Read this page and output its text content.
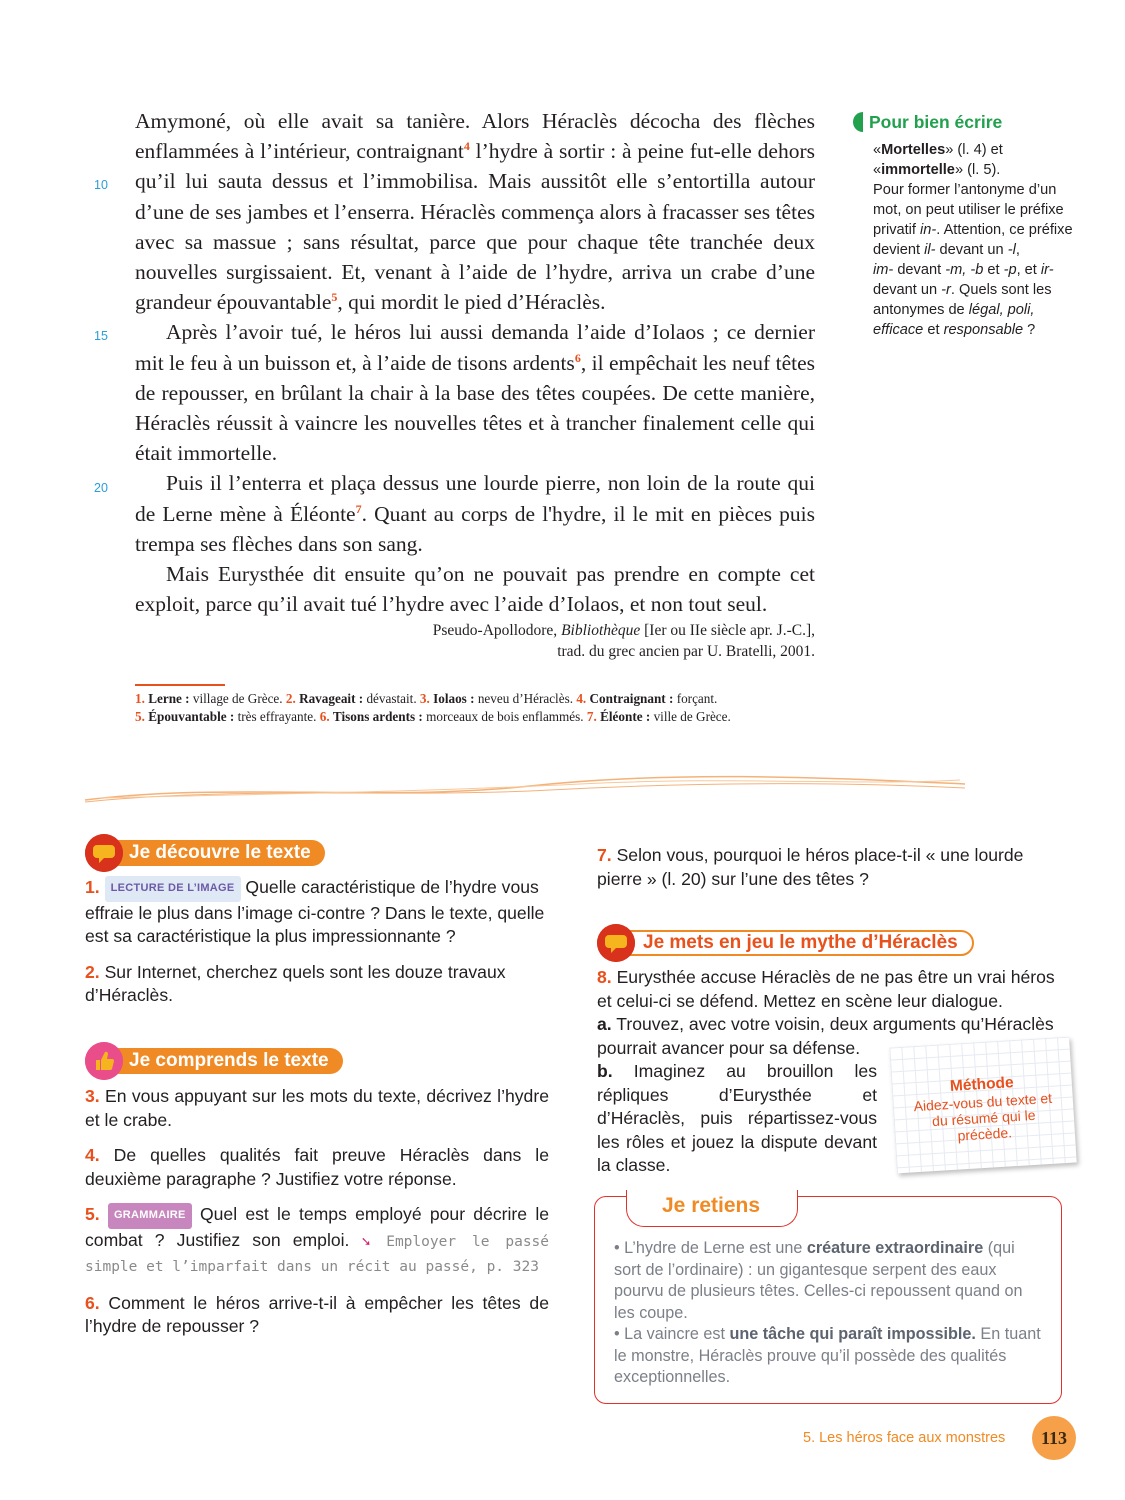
Amymoné, où elle avait sa tanière. Alors Héraclès décocha des flèches enflammées à l’intérieur, contraignant$^4$ l’hydre à sortir : à peine fut-elle dehors qu’il lui sauta dessus et l’immobilisa. Mais aussitôt elle s’entortilla autour d’une de ses jambes et l’enserra. Héraclès commença alors à fracasser ses têtes avec sa massue ; sans résultat, parce que pour chaque tête tranchée deux nouvelles surgissaient. Et, venant à l’aide de l’hydre, arriva un crabe d’une grandeur épouvantable$^5$, qui mordit le pied d’Héraclès.

Après l’avoir tué, le héros lui aussi demanda l’aide d’Iolaos ; ce dernier mit le feu à un buisson et, à l’aide de tisons ardents$^6$, il empêchait les neuf têtes de repousser, en brûlant la chair à la base des têtes coupées. De cette manière, Héraclès réussit à vaincre les nouvelles têtes et à trancher finalement celle qui était immortelle.

Puis il l’enterra et plaça dessus une lourde pierre, non loin de la route qui de Lerne mène à Éléonte$^7$. Quant au corps de l'hydre, il le mit en pièces puis trempa ses flèches dans son sang.

Mais Eurysthée dit ensuite qu’on ne pouvait pas prendre en compte cet exploit, parce qu’il avait tué l’hydre avec l’aide d’Iolaos, et non tout seul.

10
15
20
Pseudo-Apollodore, Bibliothèque [Ier ou IIe siècle apr. J.-C.],
trad. du grec ancien par U. Bratelli, 2001.
1. Lerne : village de Grèce. 2. Ravageait : dévastait. 3. Iolaos : neveu d’Héraclès. 4. Contraignant : forçant.
5. Épouvantable : très effrayante. 6. Tisons ardents : morceaux de bois enflammés. 7. Éléonte : ville de Grèce.
Pour bien écrire
«Mortelles» (l. 4) et
«immortelle» (l. 5).
Pour former l’antonyme d’un mot, on peut utiliser le préfixe privatif in-. Attention, ce préfixe devient il- devant un -l,
im- devant -m, -b et -p, et ir- devant un -r. Quels sont les antonymes de légal, poli, efficace et responsable ?
Je découvre le texte

1. LECTURE DE L’IMAGE Quelle caractéristique de l’hydre vous effraie le plus dans l’image ci-contre ? Dans le texte, quelle est sa caractéristique la plus impressionnante ?

2. Sur Internet, cherchez quels sont les douze travaux d’Héraclès.

Je comprends le texte

3. En vous appuyant sur les mots du texte, décrivez l’hydre et le crabe.

4. De quelles qualités fait preuve Héraclès dans le deuxième paragraphe ? Justifiez votre réponse.

5. GRAMMAIRE Quel est le temps employé pour décrire le combat ? Justifiez son emploi. ➘ Employer le passé simple et l’imparfait dans un récit au passé, p. 323

6. Comment le héros arrive-t-il à empêcher les têtes de l’hydre de repousser ?

7. Selon vous, pourquoi le héros place-t-il « une lourde pierre » (l. 20) sur l’une des têtes ?

Je mets en jeu le mythe d’Héraclès

8. Eurysthée accuse Héraclès de ne pas être un vrai héros et celui-ci se défend. Mettez en scène leur dialogue.

a. Trouvez, avec votre voisin, deux arguments qu’Héraclès pourrait avancer pour sa défense.

b. Imaginez au brouillon les répliques d’Eurysthée et d’Héraclès, puis répartissez-vous les rôles et jouez la dispute devant la classe.

Méthode
Aidez-vous du texte et du résumé qui le précède.
Je retiens
• L’hydre de Lerne est une créature extraordinaire (qui sort de l’ordinaire) : un gigantesque serpent des eaux pourvu de plusieurs têtes. Celles-ci repoussent quand on les coupe.
• La vaincre est une tâche qui paraît impossible. En tuant le monstre, Héraclès prouve qu’il possède des qualités exceptionnelles.
5. Les héros face aux monstres	113
